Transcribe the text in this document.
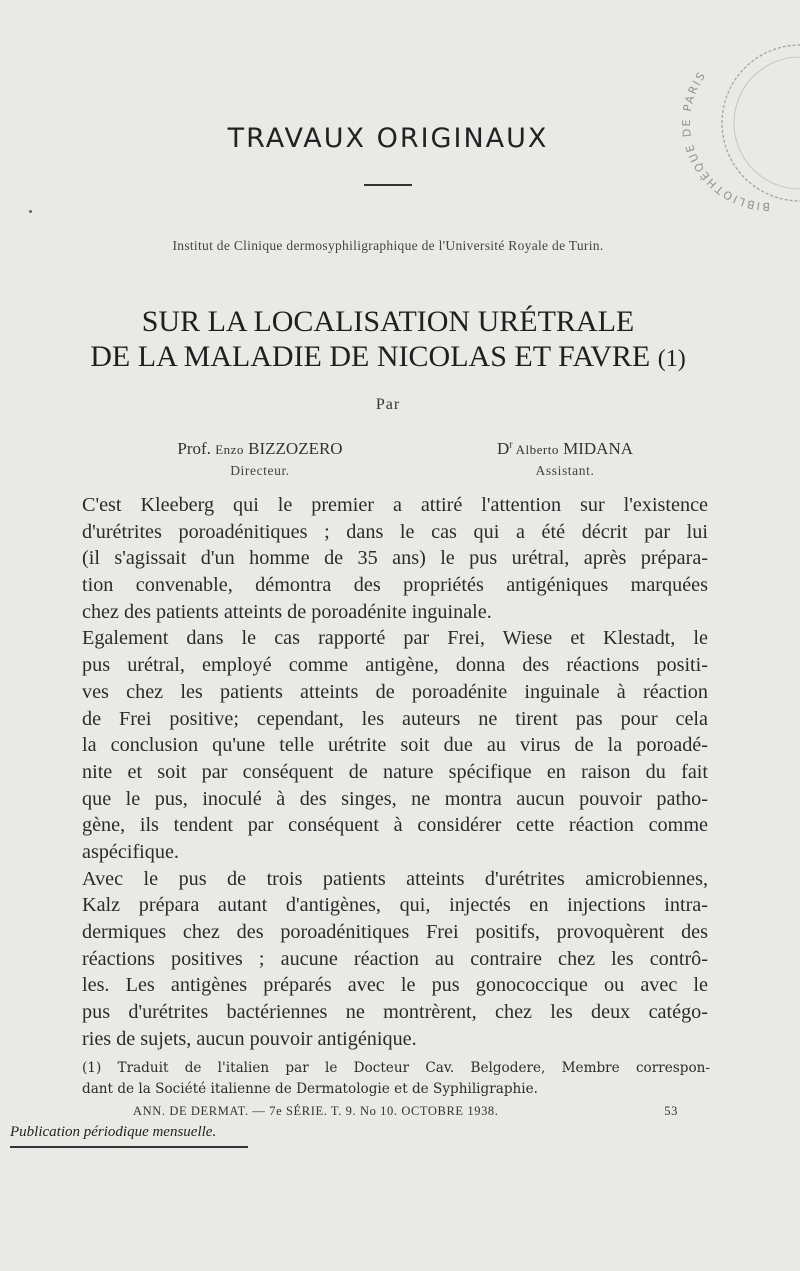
TRAVAUX ORIGINAUX
Institut de Clinique dermosyphiligraphique de l'Université Royale de Turin.
SUR LA LOCALISATION URÉTRALE
DE LA MALADIE DE NICOLAS ET FAVRE (1)
Par
Prof. Enzo BIZZOZERO
Directeur.
$D^r$ Alberto MIDANA
Assistant.
C'est Kleeberg qui le premier a attiré l'attention sur l'existence
d'urétrites poroadénitiques ; dans le cas qui a été décrit par lui
(il s'agissait d'un homme de 35 ans) le pus urétral, après prépara-
tion convenable, démontra des propriétés antigéniques marquées
chez des patients atteints de poroadénite inguinale.
Egalement dans le cas rapporté par Frei, Wiese et Klestadt, le
pus urétral, employé comme antigène, donna des réactions positi-
ves chez les patients atteints de poroadénite inguinale à réaction
de Frei positive; cependant, les auteurs ne tirent pas pour cela
la conclusion qu'une telle urétrite soit due au virus de la poroadé-
nite et soit par conséquent de nature spécifique en raison du fait
que le pus, inoculé à des singes, ne montra aucun pouvoir patho-
gène, ils tendent par conséquent à considérer cette réaction comme
aspécifique.
Avec le pus de trois patients atteints d'urétrites amicrobiennes,
Kalz prépara autant d'antigènes, qui, injectés en injections intra-
dermiques chez des poroadénitiques Frei positifs, provoquèrent des
réactions positives ; aucune réaction au contraire chez les contrô-
les. Les antigènes préparés avec le pus gonococcique ou avec le
pus d'urétrites bactériennes ne montrèrent, chez les deux catégo-
ries de sujets, aucun pouvoir antigénique.
(1) Traduit de l'italien par le Docteur Cav. Belgodere, Membre correspon-
dant de la Société italienne de Dermatologie et de Syphiligraphie.
ANN. DE DERMAT. — 7e SÉRIE. T. 9. No 10. OCTOBRE 1938.	53
Publication périodique mensuelle.
BIBLIOTHÈQUE DE PARIS
